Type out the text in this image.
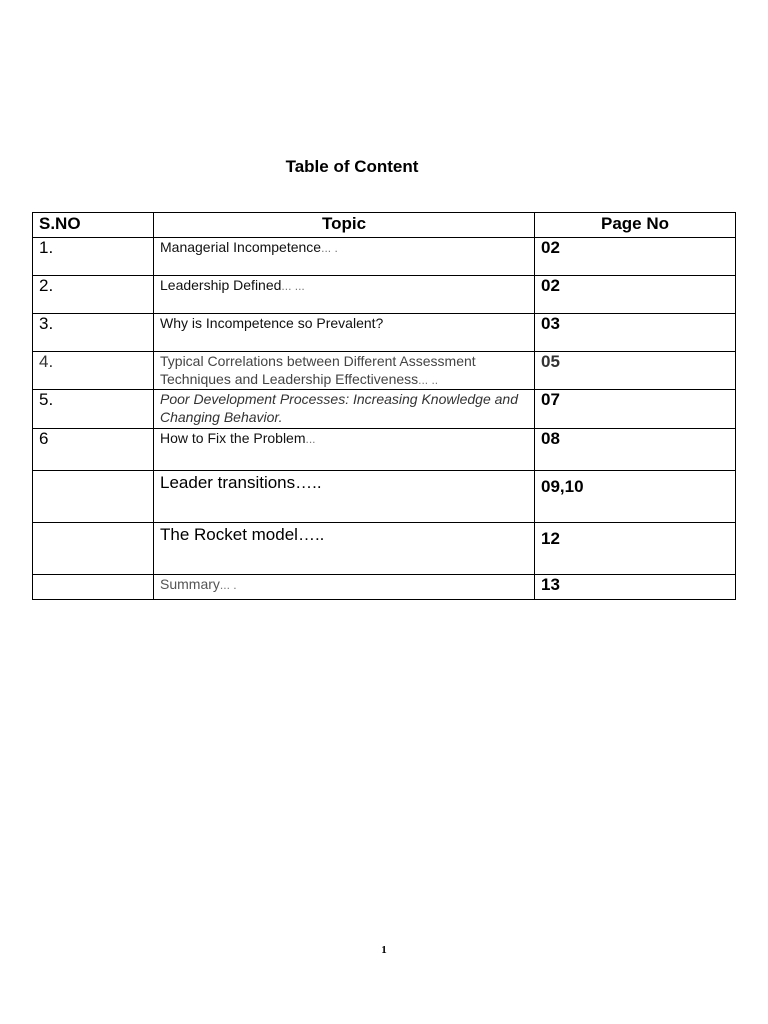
Table of Content
S.NO	Topic	Page No
1.	Managerial Incompetence... .	02
2.	Leadership Defined... ...	02
3.	Why is Incompetence so Prevalent?	03
4.	Typical Correlations between Different Assessment Techniques and Leadership Effectiveness... ..	05
5.	Poor Development Processes: Increasing Knowledge and Changing Behavior.	07
6	How to Fix the Problem...	08
	Leader transitions…..	09,10
	The Rocket model…..	12
	Summary... .	13
1
